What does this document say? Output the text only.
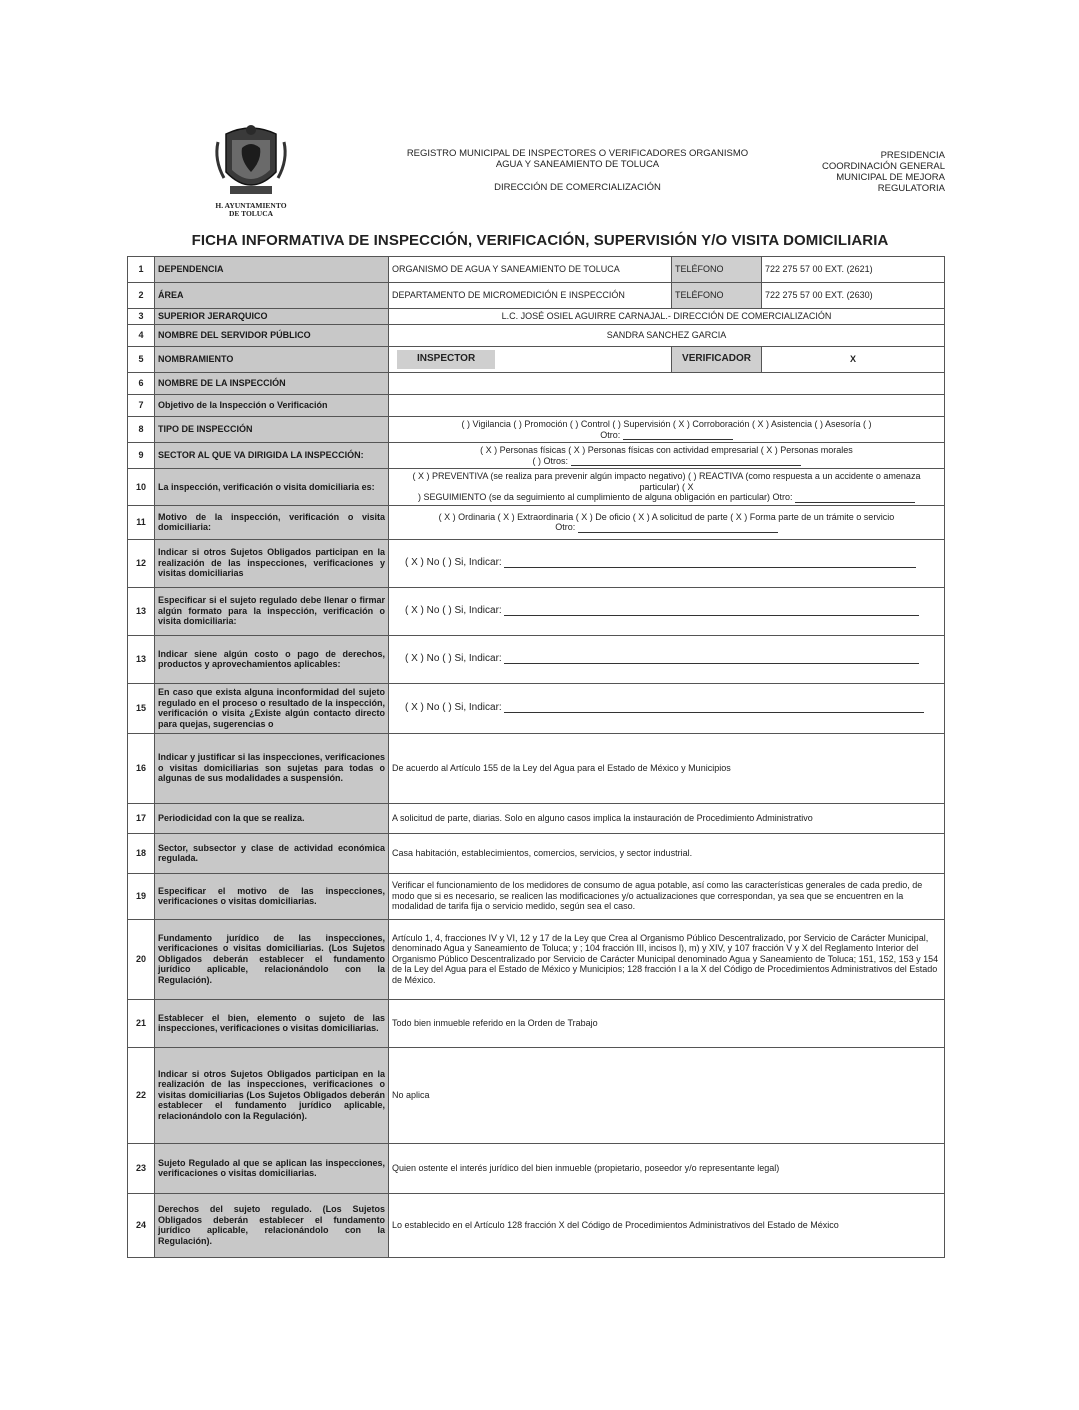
H. AYUNTAMIENTO
DE TOLUCA
REGISTRO MUNICIPAL DE INSPECTORES O VERIFICADORES ORGANISMO
AGUA Y SANEAMIENTO DE TOLUCA
DIRECCIÓN DE COMERCIALIZACIÓN
PRESIDENCIA
COORDINACIÓN GENERAL
MUNICIPAL DE MEJORA
REGULATORIA
FICHA INFORMATIVA DE INSPECCIÓN, VERIFICACIÓN, SUPERVISIÓN Y/O VISITA DOMICILIARIA
1	DEPENDENCIA	ORGANISMO DE AGUA Y SANEAMIENTO DE TOLUCA	TELÉFONO	722 275 57 00 EXT. (2621)
2	ÁREA	DEPARTAMENTO DE MICROMEDICIÓN E INSPECCIÓN	TELÉFONO	722 275 57 00 EXT. (2630)
3	SUPERIOR JERARQUICO	L.C. JOSÉ OSIEL AGUIRRE CARNAJAL.- DIRECCIÓN DE COMERCIALIZACIÓN		
4	NOMBRE DEL SERVIDOR PÚBLICO	SANDRA SANCHEZ GARCIA		
5	NOMBRAMIENTO	INSPECTOR	VERIFICADOR	X
6	NOMBRE DE LA INSPECCIÓN			
7	Objetivo de la Inspección o Verificación			
8	TIPO DE INSPECCIÓN	( ) Vigilancia ( ) Promoción ( ) Control ( ) Supervisión ( X ) Corroboración ( X ) Asistencia ( ) Asesoría ( )
Otro:		

9	SECTOR AL QUE VA DIRIGIDA LA INSPECCIÓN:	( X ) Personas físicas ( X ) Personas físicas con actividad empresarial ( X ) Personas morales
( ) Otros:		

10	La inspección, verificación o visita domiciliaria es:	( X ) PREVENTIVA (se realiza para prevenir algún impacto negativo) ( ) REACTIVA (como respuesta a un accidente o amenaza particular) ( X
) SEGUIMIENTO (se da seguimiento al cumplimiento de alguna obligación en particular) Otro:		

11	Motivo de la inspección, verificación o visita domiciliaria:	( X ) Ordinaria ( X ) Extraordinaria ( X ) De oficio ( X ) A solicitud de parte ( X ) Forma parte de un trámite o servicio
Otro:		

12	Indicar si otros Sujetos Obligados participan en la realización de las inspecciones, verificaciones y visitas domiciliarias	( X ) No ( ) Si, Indicar:		
13	Especificar si el sujeto regulado debe llenar o firmar algún formato para la inspección, verificación o visita domiciliaria:	( X ) No ( ) Si, Indicar:		
13	Indicar siene algún costo o pago de derechos, productos y aprovechamientos aplicables:	( X ) No ( ) Si, Indicar:		
15	En caso que exista alguna inconformidad del sujeto regulado en el proceso o resultado de la inspección, verificación o visita ¿Existe algún contacto directo para quejas, sugerencias o	( X ) No ( ) Si, Indicar:		
16	Indicar y justificar si las inspecciones, verificaciones o visitas domiciliarias son sujetas para todas o algunas de sus modalidades a suspensión.	De acuerdo al Artículo 155 de la Ley del Agua para el Estado de México y Municipios		
17	Periodicidad con la que se realiza.	A solicitud de parte, diarias. Solo en alguno casos implica la instauración de Procedimiento Administrativo		
18	Sector, subsector y clase de actividad económica regulada.	Casa habitación, establecimientos, comercios, servicios, y sector industrial.		
19	Especificar el motivo de las inspecciones, verificaciones o visitas domiciliarias.	Verificar el funcionamiento de los medidores de consumo de agua potable, así como las características generales de cada predio, de modo que si es necesario, se realicen las modificaciones y/o actualizaciones que correspondan, ya sea que se encuentren en la modalidad de tarifa fija o servicio medido, según sea el caso.		
20	Fundamento jurídico de las inspecciones, verificaciones o visitas domiciliarias. (Los Sujetos Obligados deberán establecer el fundamento jurídico aplicable, relacionándolo con la Regulación).	Artículo 1, 4, fracciones IV y VI, 12 y 17 de la Ley que Crea al Organismo Público Descentralizado, por Servicio de Carácter Municipal, denominado Agua y Saneamiento de Toluca; y ; 104 fracción III, incisos l), m) y XIV, y 107 fracción V y X del Reglamento Interior del Organismo Público Descentralizado por Servicio de Carácter Municipal denominado Agua y Saneamiento de Toluca; 151, 152, 153 y 154 de la Ley del Agua para el Estado de México y Municipios; 128 fracción I a la X del Código de Procedimientos Administrativos del Estado de México.		
21	Establecer el bien, elemento o sujeto de las inspecciones, verificaciones o visitas domiciliarias.	Todo bien inmueble referido en la Orden de Trabajo		
22	Indicar si otros Sujetos Obligados participan en la realización de las inspecciones, verificaciones o visitas domiciliarias (Los Sujetos Obligados deberán establecer el fundamento jurídico aplicable, relacionándolo con la Regulación).	No aplica		
23	Sujeto Regulado al que se aplican las inspecciones, verificaciones o visitas domiciliarias.	Quien ostente el interés jurídico del bien inmueble (propietario, poseedor y/o representante legal)		
24	Derechos del sujeto regulado. (Los Sujetos Obligados deberán establecer el fundamento jurídico aplicable, relacionándolo con la Regulación).	Lo establecido en el Artículo 128 fracción X del Código de Procedimientos Administrativos del Estado de México		
